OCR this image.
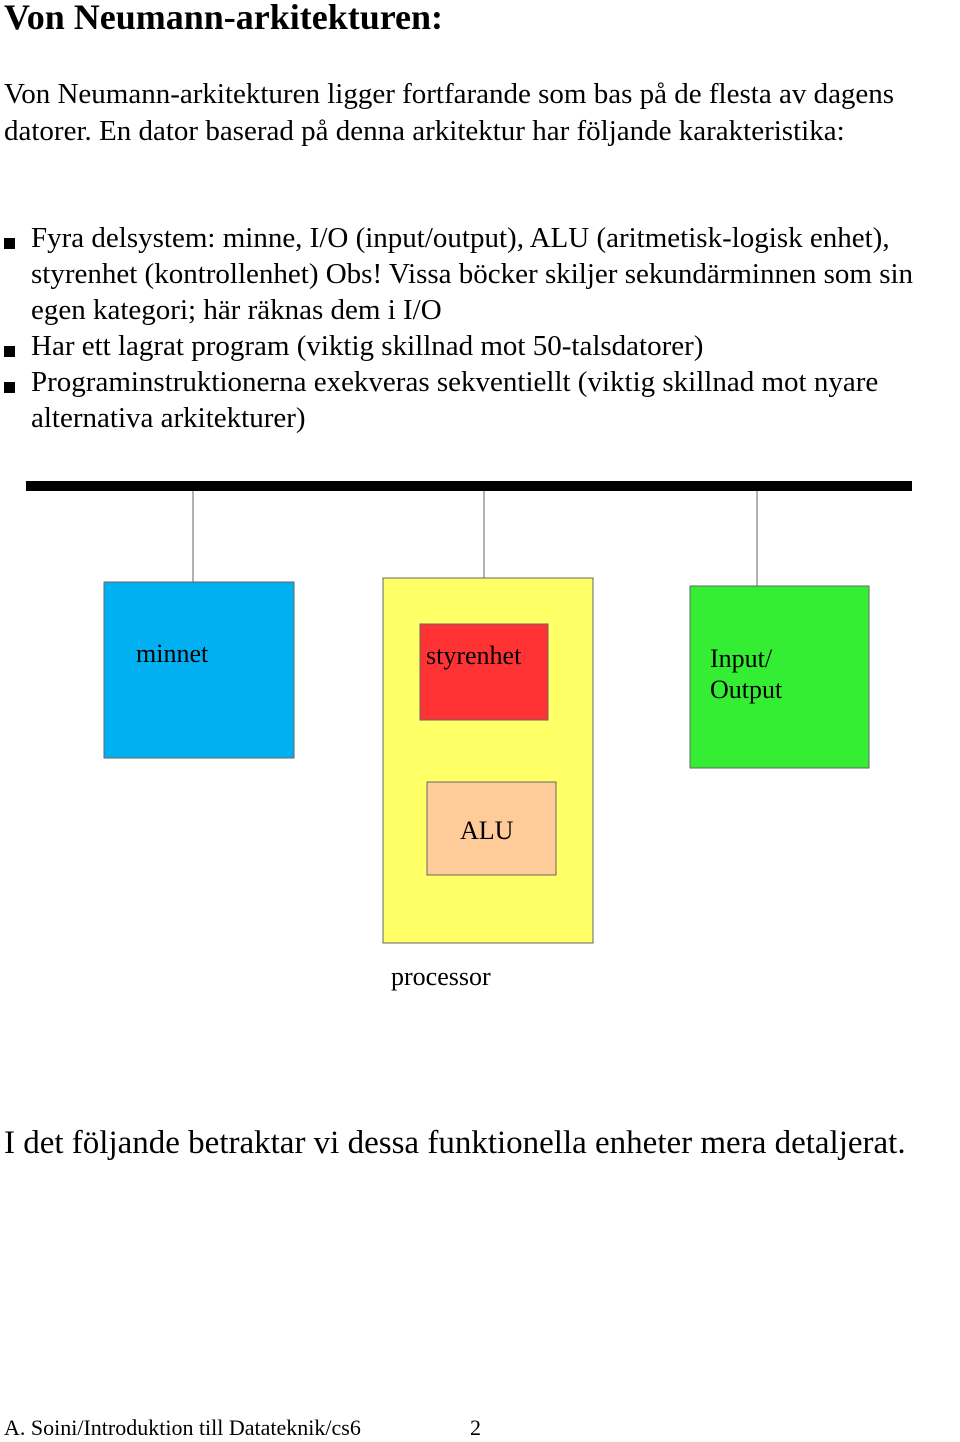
Von Neumann-arkitekturen:
Von Neumann-arkitekturen ligger fortfarande som bas på de flesta av dagens datorer. En dator baserad på denna arkitektur har följande karakteristika:
Fyra delsystem: minne, I/O (input/output), ALU (aritmetisk-logisk enhet), styrenhet (kontrollenhet) Obs! Vissa böcker skiljer sekundärminnen som sin egen kategori; här räknas dem i I/O
Har ett lagrat program (viktig skillnad mot 50-talsdatorer)
Programinstruktionerna exekveras sekventiellt (viktig skillnad mot nyare alternativa arkitekturer)
minnet	styrenhet	Input/
Output
ALU
processor
I det följande betraktar vi dessa funktionella enheter mera detaljerat.
A. Soini/Introduktion till Datateknik/cs6	2
